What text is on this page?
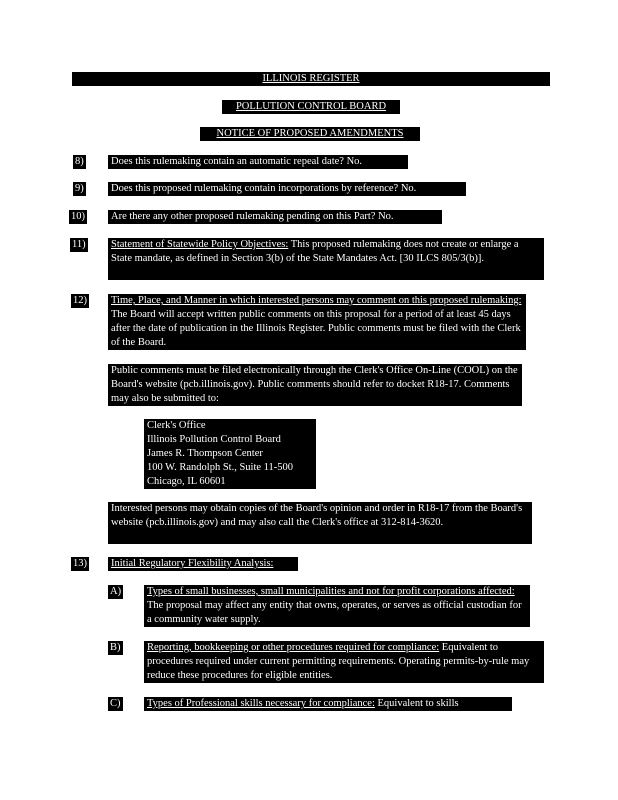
ILLINOIS REGISTER
POLLUTION CONTROL BOARD
NOTICE OF PROPOSED AMENDMENTS
8)	Does this rulemaking contain an automatic repeal date? No.

9)	Does this proposed rulemaking contain incorporations by reference? No.

10) Are there any other proposed rulemaking pending on this Part? No.

11) Statement of Statewide Policy Objectives: This proposed rulemaking does not create or enlarge a State mandate, as defined in Section 3(b) of the State Mandates Act. [30 ILCS 805/3(b)].

12) Time, Place, and Manner in which interested persons may comment on this proposed rulemaking: The Board will accept written public comments on this proposal for a period of at least 45 days after the date of publication in the Illinois Register. Public comments must be filed with the Clerk of the Board.

Public comments must be filed electronically through the Clerk's Office On-Line (COOL) on the Board's website (pcb.illinois.gov). Public comments should refer to docket R18-17. Comments may also be submitted to:

Clerk's Office
Illinois Pollution Control Board
James R. Thompson Center
100 W. Randolph St., Suite 11-500
Chicago, IL 60601

Interested persons may obtain copies of the Board's opinion and order in R18-17 from the Board's website (pcb.illinois.gov) and may also call the Clerk's office at 312-814-3620.

13) Initial Regulatory Flexibility Analysis:

A) Types of small businesses, small municipalities and not for profit corporations affected: The proposal may affect any entity that owns, operates, or serves as official custodian for a community water supply.

B)	Reporting, bookkeeping or other procedures required for compliance: Equivalent to procedures required under current permitting requirements. Operating permits-by-rule may reduce these procedures for eligible entities.

C)	Types of Professional skills necessary for compliance: Equivalent to skills
